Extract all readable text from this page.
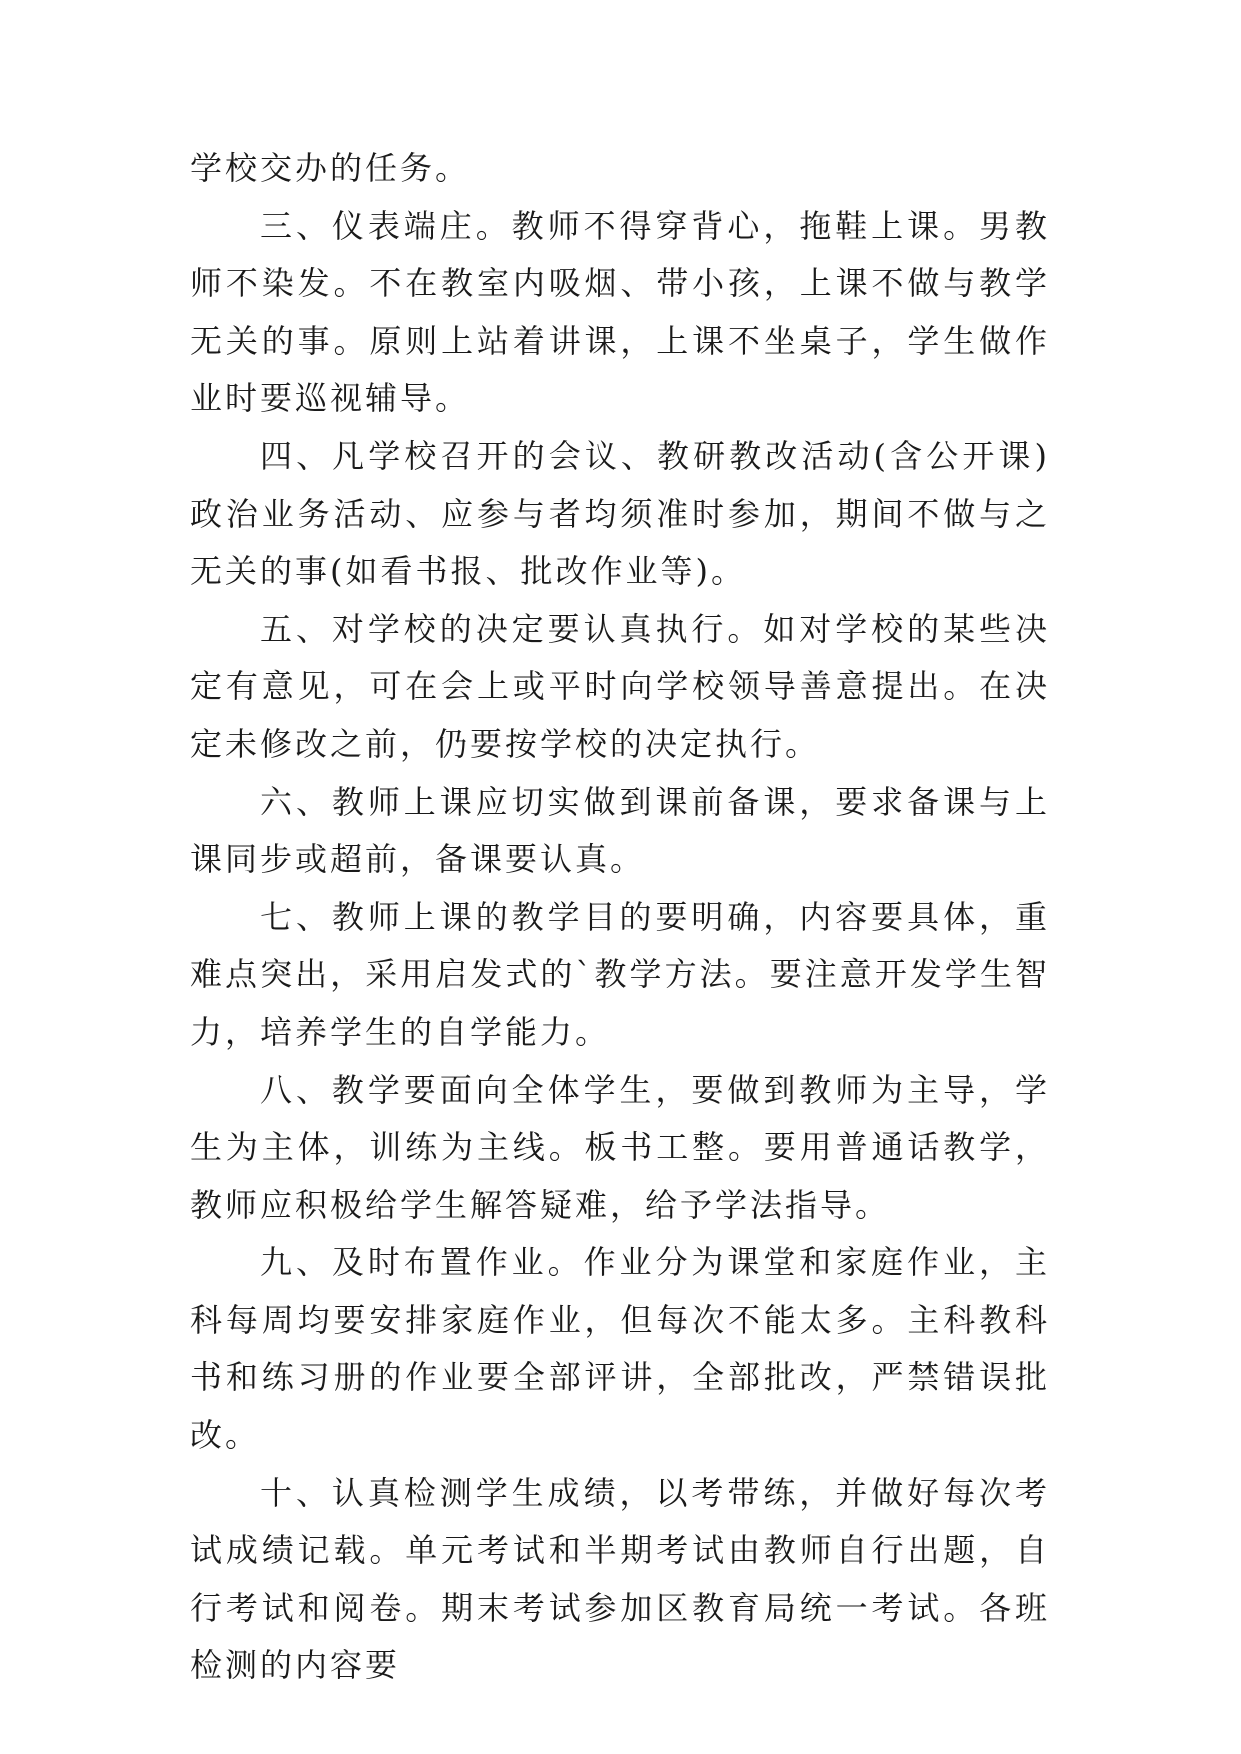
学校交办的任务。

三、仪表端庄。教师不得穿背心，拖鞋上课。男教师不染发。不在教室内吸烟、带小孩，上课不做与教学无关的事。原则上站着讲课，上课不坐桌子，学生做作业时要巡视辅导。

四、凡学校召开的会议、教研教改活动(含公开课)政治业务活动、应参与者均须准时参加，期间不做与之无关的事(如看书报、批改作业等)。

五、对学校的决定要认真执行。如对学校的某些决定有意见，可在会上或平时向学校领导善意提出。在决定未修改之前，仍要按学校的决定执行。

六、教师上课应切实做到课前备课，要求备课与上课同步或超前，备课要认真。

七、教师上课的教学目的要明确，内容要具体，重难点突出，采用启发式的`教学方法。要注意开发学生智力，培养学生的自学能力。

八、教学要面向全体学生，要做到教师为主导，学生为主体，训练为主线。板书工整。要用普通话教学，教师应积极给学生解答疑难，给予学法指导。

九、及时布置作业。作业分为课堂和家庭作业，主科每周均要安排家庭作业，但每次不能太多。主科教科书和练习册的作业要全部评讲，全部批改，严禁错误批改。

十、认真检测学生成绩，以考带练，并做好每次考试成绩记载。单元考试和半期考试由教师自行出题，自行考试和阅卷。期末考试参加区教育局统一考试。各班检测的内容要
